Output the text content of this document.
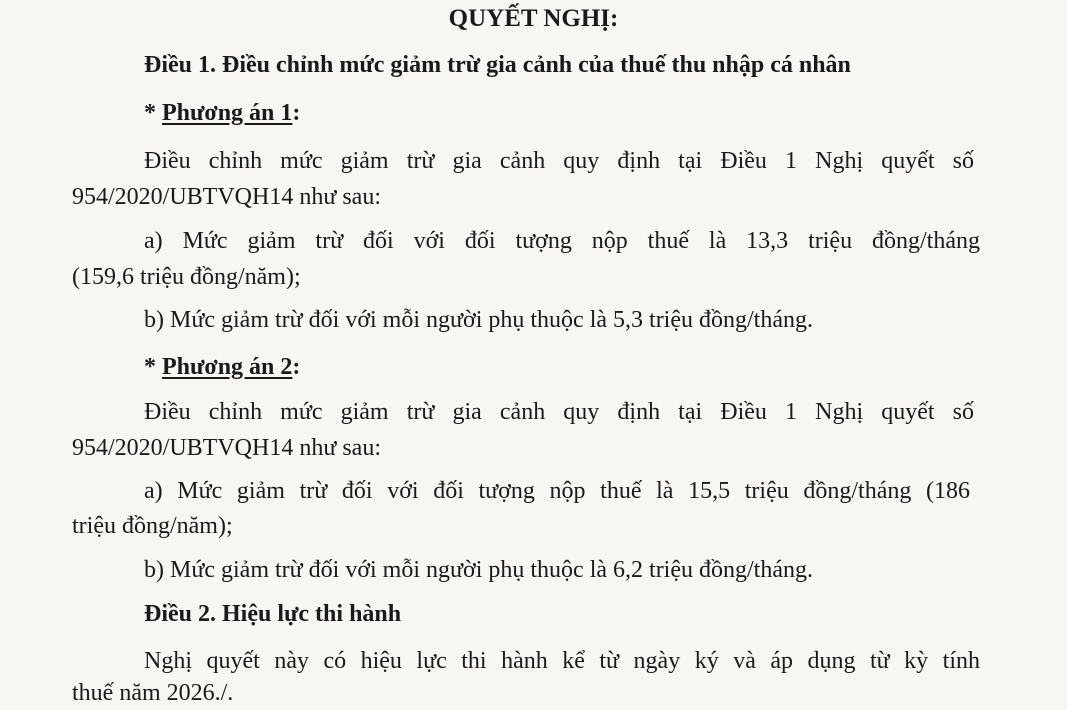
QUYẾT NGHỊ:
Điều 1. Điều chỉnh mức giảm trừ gia cảnh của thuế thu nhập cá nhân
* Phương án 1:
Điều chỉnh mức giảm trừ gia cảnh quy định tại Điều 1 Nghị quyết số
954/2020/UBTVQH14 như sau:
a) Mức giảm trừ đối với đối tượng nộp thuế là 13,3 triệu đồng/tháng
(159,6 triệu đồng/năm);
b) Mức giảm trừ đối với mỗi người phụ thuộc là 5,3 triệu đồng/tháng.
* Phương án 2:
Điều chỉnh mức giảm trừ gia cảnh quy định tại Điều 1 Nghị quyết số
954/2020/UBTVQH14 như sau:
a) Mức giảm trừ đối với đối tượng nộp thuế là 15,5 triệu đồng/tháng (186
triệu đồng/năm);
b) Mức giảm trừ đối với mỗi người phụ thuộc là 6,2 triệu đồng/tháng.
Điều 2. Hiệu lực thi hành
Nghị quyết này có hiệu lực thi hành kể từ ngày ký và áp dụng từ kỳ tính
thuế năm 2026./.
